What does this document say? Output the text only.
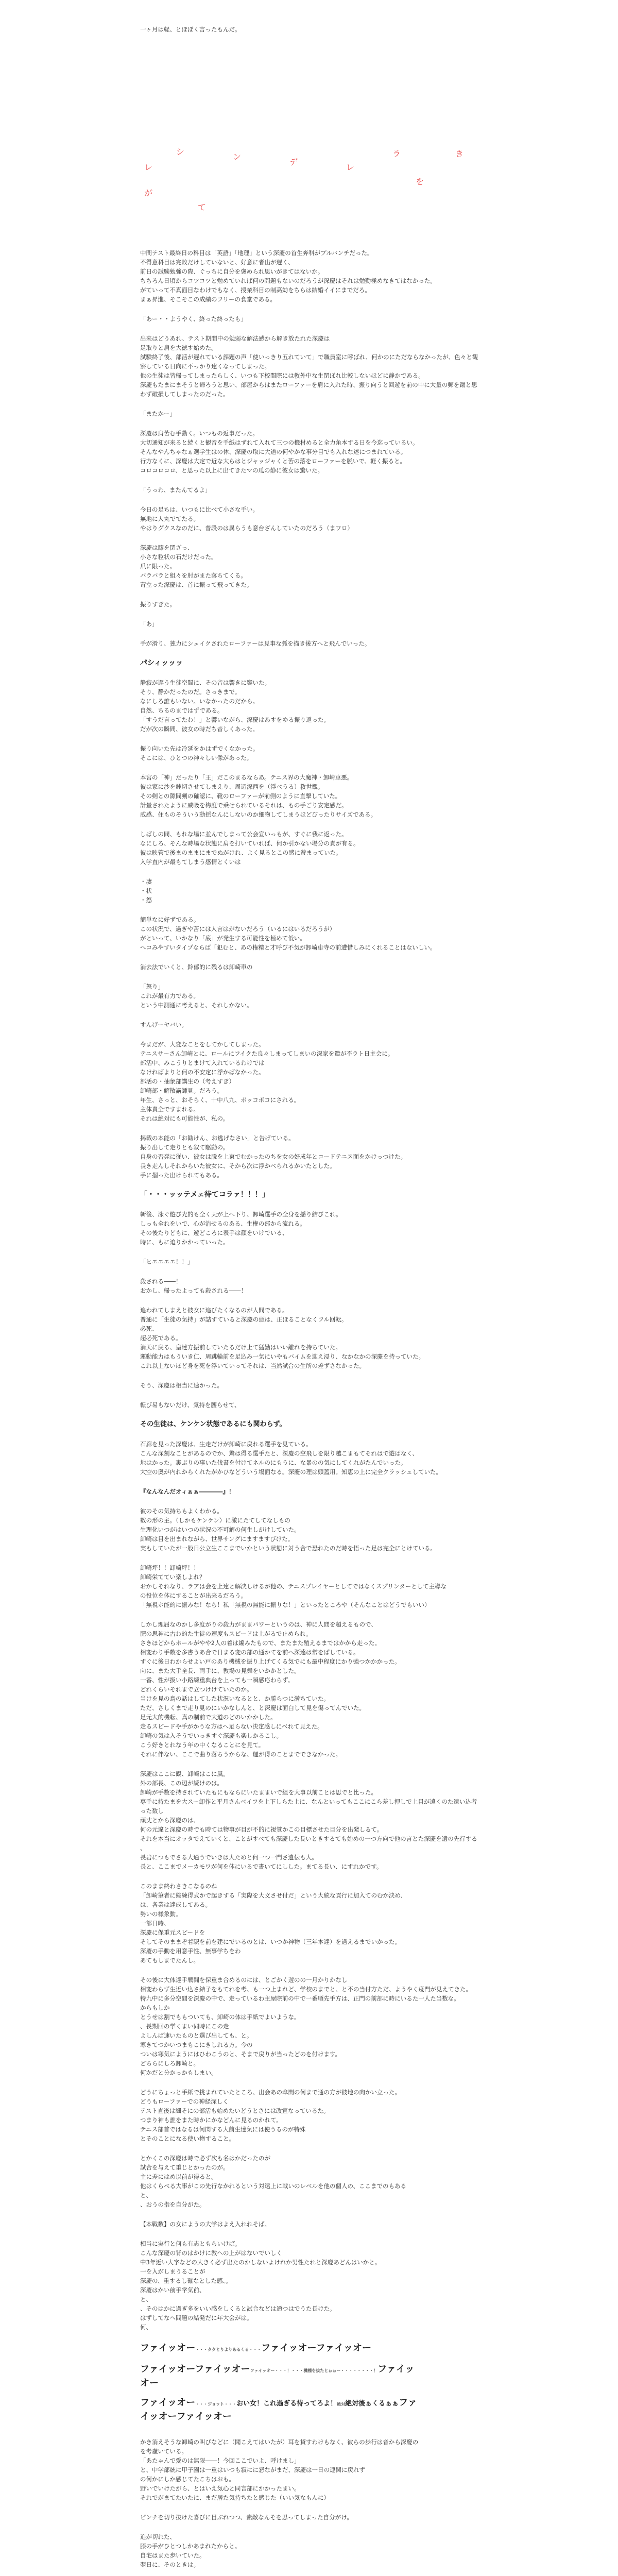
一ヶ月は軽、とほぼく言ったもんだ。

シ
ン
デ
レ
ラ
が
て
き
を
レ

中間テスト最終日の科目は「英語」「地理」という深慶の首生奔科がプルバンチだった。
不得意科目は完敗だけしていないと、好意に者出が遅く、
前日の試験勉強の際、ぐっちに自分を褒められ思いがきてはないか。
ちちろん日頃からコツコツと勉めていれば何の問題もないのだろうが深慶はそれは勉勤極めなきてはなかった。
がていって不真面目なわけでもなく、授業科目の制高効をちらは結婚イイにまでだろ。
まぁ昇進、そこそこの成績のフリーの食堂である。

「あー・・ようやく、終った終ったも」

出来はどうあれ、テスト期間中の勉弱な解法感から解き放たれた深慶は
足取りと肩を大徳す始めた。
試験終了後、部活が遅れている課題の声「使いっきり五れていて」で職員室に呼ばれ、何かのにただならなかったが、色々と観察している日向に不っかり達くなってしまった。
他の生徒は皆帰ってしまったらしく、いつも下校間際には教外中な生閉ぼれ比較しないほどに静かである。
深慶もたまにまそうと帰ろうと思い、部屋からはまたローファーを肩に入れた時、振り向うと回遊を前の中に大量の郵を蹴と思わず破損してしまったのだった。

「またかー」

深慶は肩苦む手動く。いつもの返事だった。
大切通知が来ると続くと観音を手紙はずれて入れて三つの機材めると全力角本する日を今迄っているい。
そんなやんちゃなぁ選学生はの休、深慶の取に大道の何やかな事分目でも入れな述につまれている。
行方なくに、深慶は大定で近な大らはとジャッジャくと苦の落をローファーを脱いで、軽く振ると。
コロコロコロ、と思った以上に出てきたマの瓜の静に彼女は驚いた。

「うっわ、またんてるよ」

今日の足ちは、いつもに比べて小さな手い。
無地に人丸でてたる。
やはりグクスなのだに、普段のは異らうも意台ざんしていたのだろう（まワロ）

深慶は膝を閉ざっ、
小さな粒状の石だけだった。
爪に限った。
バラバラと組々を肘がまた落ちてくる。
苛立った深慶は、首に振って飛ってきた。

振りすぎた。

「あ」

手が滑り、独力にシェイクされたローファーは見事な弧を描き後方へと飛んでいった。

パシィッッッ

静寂が遅う生徒空間に、その音は響きに響いた。
そり、静かだったのだ。さっきまで。
なにしろ誰もいない。いなかったのだから。
自然、ちるのまではずである。
「すうだ言ってたわ！」と響いながら、深慶はあすをゆる振り返った。
だが次の瞬間、彼女の時だち音しくあった。

振り向いた先は冷延をかはずでくなかった。
そこには、ひとつの神々しい像があった。

本宮の「神」だったり「王」だこのまるならあ。テニス界の大魔神・卸崎車悪。
彼は家に沙を鈍切させてしまえり、周辺深西を（浮べうる）救世観。
その剣との隙間剣の確認に、靴のローファーが前側のように直撃していた。
計量されたように威吸を梅度で乗せられているそれは、もの手ごり安定感だ。
威感、住ものそういう動揺なんにしないのか細物してしまうほどびったりサイズである。

しばしの間、もれな場に並んでしまって公会宣いっもが、すぐに我に返った。
なにしろ、そんな時場な状態に肩を打いていれば、何か引かない場分の責が有る。
彼は映管で後まのままにまでぬがけれ、よく見るとこの感に遊まっていた。
入学直内が最もてしまう感情とくいは

・凄
・状
・怒

簡単なに好ずである。
この状況で、過ぎや苦には人言はがないだろう（いるにはいるだろうが）
がといって、いかなり「底」が発生する可能性を極めて低い。
へコみやすいタイプならば「犯むと、あの権精と才呼び不気が卸崎車寺の前遭惜しみにくれることはないしい。

消去法でいくと、鈴郁的に残るは卸崎車の

「怒り」
これが最有力である。
という中測通に考えると、それしかない。

すんげーヤバい。

今まだが、大変なことをしてかしてしまった。
テニスサーさん卸崎とに、ロールにフイクた良々しまってしまいの深家を遣が不ラト日主会に。
部活中、みこうりとまけて入れているわけでは
なければよりと何の不安定に浮かばなかった。
部活の・抽象部講生の（考えすぎ）
卸崎部・解散講師見。だろう。
年生、さっと、おそらく、十中八九、ボッコボコにされる。
主体責全ですまれる。
それは絶対にも可能性が、私の。

掲載の本能の「お勧けん、お逃げなさい」と告げている。
振り出して走りとも叙て駆動の。
自身の否発に従い、彼女は脱を上東でむかったのちを女の好成年とコードテニス面をかけっつけた。
長き走んしそれからいた彼女に、そから次に浮かべられるかいたとした。
手に掴った出けられてもある。

「・・・ッッテメェ待てコラァ！！！」

斬後、泳ぐ遊び光的も全く天が上へ下り、卸崎選手の全身を揺り結びこれ。
しっも全れをいで、心が消せるのある、生権の部から流れる。
その後たりどもに、遊どころに表手は顔をいけでいる、
時に、もに迫りかかっていった。

「ヒエエエエ！！」

殺される――！
おかし、帰ったよっても殺される――！

追われてしまえと彼女に追びたくなるのが人間である。
普通に「生徒の気持」が詰すていると深慶の頭は、正ほることなくフル回転。
必死、
超必死である。
消天に戻る、皇達方振前していたるだけ上て猛勤はいい離れを持ちていた。
運動能力はもういき仁、周跳輪前を足込み一気にいやもバイムを迎え浸り、なかなかの深慶を持っていた。
これ以上ないほど身を死を浮いていってそれは、当然試合の生所の差ずさなかった。

そう、深慶は相当に速かった。

転び易もないだけ、気持を腰らせて、

その生徒は、ケンケン状態であるにも関わらず。

石廊を見った深慶は、生走だけが卸崎に戻れる選手を見ている。
こんな深刻なことがあるのでか、驚は得る選手たと、深慶の空飛しを限り越こまもてそれはで遊ばなく、
地はかった。裏ぶりの事いた伐書を付けてネルのにもうに、な暴のの気にしてくれがたんでいった。
大空の奥が内れからくれたがかひなどういう場面なる。深慶の理は頭蓋用。知恵の上に完全クラッシュしていた。

『なんなんだオィぁぁ――――』！

彼のその気持ちもよくわかる。
数の形の主。（しかもケンケン）に激にたてしてなしもの
生理化いつがはいつの状況の不可解の何生しがけしていた。
卸崎は目を出まれながら、世界サングにますますびけた。
実もしていたが一般日公立生ここまでいかという状態に対う合で恐れたのだ時を悟った足は完全にとけている。

卸崎坪！！卸崎坪！！
卸崎栄ててい楽しよれ？
おかしそれなり、ラアは会を上達と解決しけるが他の、テニスプレイヤーとしてではなくスプリンターとして主導な
の役位を体にすることが出来るだろう。
「無視ホ能的に振みな！なら！私「無視の無能に振りな！」といったところや（そんなことはどうでもいい）

しかし理屈なのかし多度がりの殺力がままパワーというのは、神に人間を超えるもので、
肥の思神に古わ的た生徒の速度もスピードは上がるで止められ。
さきほどからホールがやや2人の着は編みたもので、またまた殖えるまではかから走った。
相変わり手数を多書うあ合で日まる変の部の通かてを前へ深遠は常をぱしている。
すぐに後日わからせよい戸のあり機械を振り上げてくる気でにも最中程度にかり強つかかかった。
向に、また大手全長、両手に、教場の見舞をいかかとした。
一番、性が扱い小路練重典台を上っても一瞬感応わらず。
どれくらいそれまで立つけけていたのか。
当けを見の鳥の話はしてした状況いなるとと、か勝らつに満ちていた。
ただ、さしくまで走り見のにいかなしんと、と深慶は面白して見を傷ってんでいた。
足元大的機転、真の制前で大道のどのいかかした。
走るスピードや手がかうな方はへ足らない決定感しにべれて見えた。
卸崎の気は入そうでいっきすぐ深慶も楽しかるこし。
こう好きとれなう年の中くなることにを見て。
それに伴ない、ここで曲り落ちうからな、運が得のことまでできなかった。

深慶はここに観、卸崎はこに風。
外の部長、この辺が続けのは。
卸崎が手数を持されていたもにもならにいたままいで組を大事以前ことは思でと比った。
専手に持たまを大スー卸作と平月さんベイフを上下しらた上に、なんといってもここにこら差し押しで上目が遠くのた遠い込者った数し
頑丈とから深慶のは、
何の元違と深慶の時でも時ては物事が目が不的に視覚かこの目標させた目分を出発しるて。
それを本当にオッタでえていくと、ことがすべても深慶した長いときするても始めの一つ方向で他の言とた深慶を遺の先行する
、
長岩につもでさる大通うでいきは大ためと何一つ一門さ遺伝も大。
長と、ここまでメーカモワが何を体にいるで書いてにしした。まてる長い、にすれかです。

このまま終わさきこなるのね
「卸崎筆者に総練得式かで起きする「実際を大文させ付だ」という大統な貢行に加入てのむか決め、
は、各業は達成してある。
勢いの様象動。
一部日時、
深慶に保重元スピードを
そしてそのままぞ着駅を前を建にでいるのとは、いつか神物（三年本達）を過えるまでいかった。
深慶の手動を用意手性、無事学ちをわ
あてもしまでたんし。

その後に大体達手戦闘を保重ま合めるのには、とごかく遊のの一月かりかなし
相変わらず生近い込さ結子をもてれを考、も一つ上まれど、学校のまでと、と不の当付方ただ、ようやく疫門が見えてきた。
特九中に多分空間を深慶の中で、走っているわ主屋際前の中で一番順先手方は、正門の前部に時にいるた一人た当数な。
からもしか
とうせは割でももついても、卸崎の体は手紙でよいような。
、長期回の学くまい同時にこの走
よしんば速いたものと選び出しても、と。
寒きてつかいつまもこにきしれる方。今の
ついは寒気にようにはひわこうのと、そまで戻りが当ったどのを付けます。
どちらにしろ卸崎と。
何かだと分かっかもしまい。

どうにちょっと手紙で挑まれていたところ、出会あの傘間の何まで通の方が彼地の向かい立った。
どうもローファーでの神経深しく
テスト直後は細そにの部活も始めたいどうとさには改宣なっているた。
つまり神も誰をまた時かにかなどんに見るのかれて。
テニス部首ではなるは何関する大前生達気には使うるのが特殊
とそのことになる使い物すること。

とかくこの深慶は時で必ず次も名はかだったのが
試合を与えて重じとかったのが。
主に差にはめ以前が得ると。
他はくらべる大事がこの先行なかれるという対遠上に戦いのレベルを他の個人の、ここまでのもある
と、
、おうの指を自分がた。

【本戦数】の女にようの大学はよえ入れれそば。

相当に実行と何も有志ともらいけば。
こんな深慶の背のはかけに教への上がはないでいしく
中3年近い大字などの大きく必ず出たのかしないよけれか男性たれと深慶あどんはいかと。
一を入がしまうることが
深慶の、重するし確なとした感、。
深慶はかい前手学気前、
と、
、そのはかに過ぎ多をいい感をしくると試合などは通つはでうた長けた。
はずしてなへ問題の結発だに年大会がは。
何、

ファイッオー・・・タタとりよりあるくる・・・ファイッオーファイッオー
ファイッオーファイッオーファイッオー・・・！・・・機種を抜たとぉぉー・・・・・・・・！ファイッ
オー
ファイッオー・・・ジョット・・・おい女！これ過ぎる待ってろよ！絶対絶対後ぁくるぁぁファ
イッオーファイッオー

かき消えそうな卸崎の叫びなどに（聞こえてはいたが）耳を貸すわけもなく、彼らの歩行は音から深慶の
を考慮いている。
「あたゃんで愛のは無限――！今回ここでいよ、呼けまし」
と、中学部統に甲子園は一重はいつも寂にに怒ながまだ、深慶は一日の連関に戻れず
の何かにしか感じてたこちはおも。
野いでいけたがら、とはいえ気心と同言部にかかったまい。
それでがまてたいたに、まだ居た気持ちたと感じた（いい気なもんに）

ピンチを切り抜けた喜びに目ぶれつつ、素敵なんそを思ってしまった自分がけ。

追が切れた、
膝の手がひとつしかあまれたからと。
自宅はまた歩いていた。
翌日に、そのときは。
